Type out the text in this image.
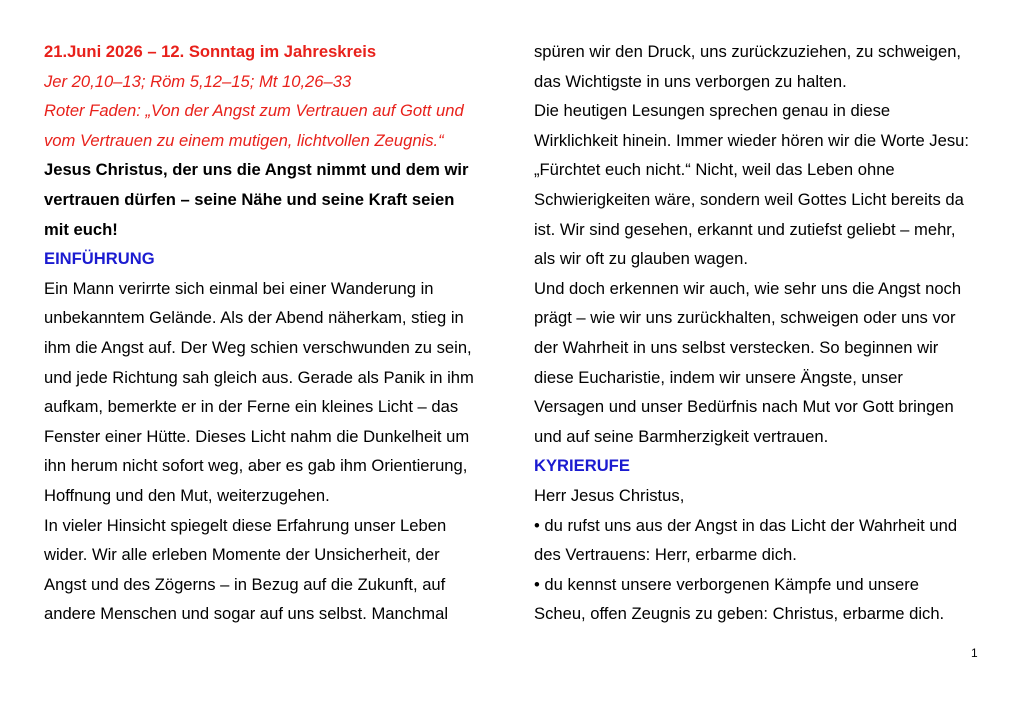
21.Juni 2026 – 12. Sonntag im Jahreskreis

Jer 20,10–13; Röm 5,12–15; Mt 10,26–33

Roter Faden: „Von der Angst zum Vertrauen auf Gott und

vom Vertrauen zu einem mutigen, lichtvollen Zeugnis.“

Jesus Christus, der uns die Angst nimmt und dem wir

vertrauen dürfen – seine Nähe und seine Kraft seien

mit euch!

EINFÜHRUNG

Ein Mann verirrte sich einmal bei einer Wanderung in

unbekanntem Gelände. Als der Abend näherkam, stieg in

ihm die Angst auf. Der Weg schien verschwunden zu sein,

und jede Richtung sah gleich aus. Gerade als Panik in ihm

aufkam, bemerkte er in der Ferne ein kleines Licht – das

Fenster einer Hütte. Dieses Licht nahm die Dunkelheit um

ihn herum nicht sofort weg, aber es gab ihm Orientierung,

Hoffnung und den Mut, weiterzugehen.

In vieler Hinsicht spiegelt diese Erfahrung unser Leben

wider. Wir alle erleben Momente der Unsicherheit, der

Angst und des Zögerns – in Bezug auf die Zukunft, auf

andere Menschen und sogar auf uns selbst. Manchmal

spüren wir den Druck, uns zurückzuziehen, zu schweigen,

das Wichtigste in uns verborgen zu halten.

Die heutigen Lesungen sprechen genau in diese

Wirklichkeit hinein. Immer wieder hören wir die Worte Jesu:

„Fürchtet euch nicht.“ Nicht, weil das Leben ohne

Schwierigkeiten wäre, sondern weil Gottes Licht bereits da

ist. Wir sind gesehen, erkannt und zutiefst geliebt – mehr,

als wir oft zu glauben wagen.

Und doch erkennen wir auch, wie sehr uns die Angst noch

prägt – wie wir uns zurückhalten, schweigen oder uns vor

der Wahrheit in uns selbst verstecken. So beginnen wir

diese Eucharistie, indem wir unsere Ängste, unser

Versagen und unser Bedürfnis nach Mut vor Gott bringen

und auf seine Barmherzigkeit vertrauen.

KYRIERUFE

Herr Jesus Christus,

• du rufst uns aus der Angst in das Licht der Wahrheit und

des Vertrauens: Herr, erbarme dich.

• du kennst unsere verborgenen Kämpfe und unsere

Scheu, offen Zeugnis zu geben: Christus, erbarme dich.

1
